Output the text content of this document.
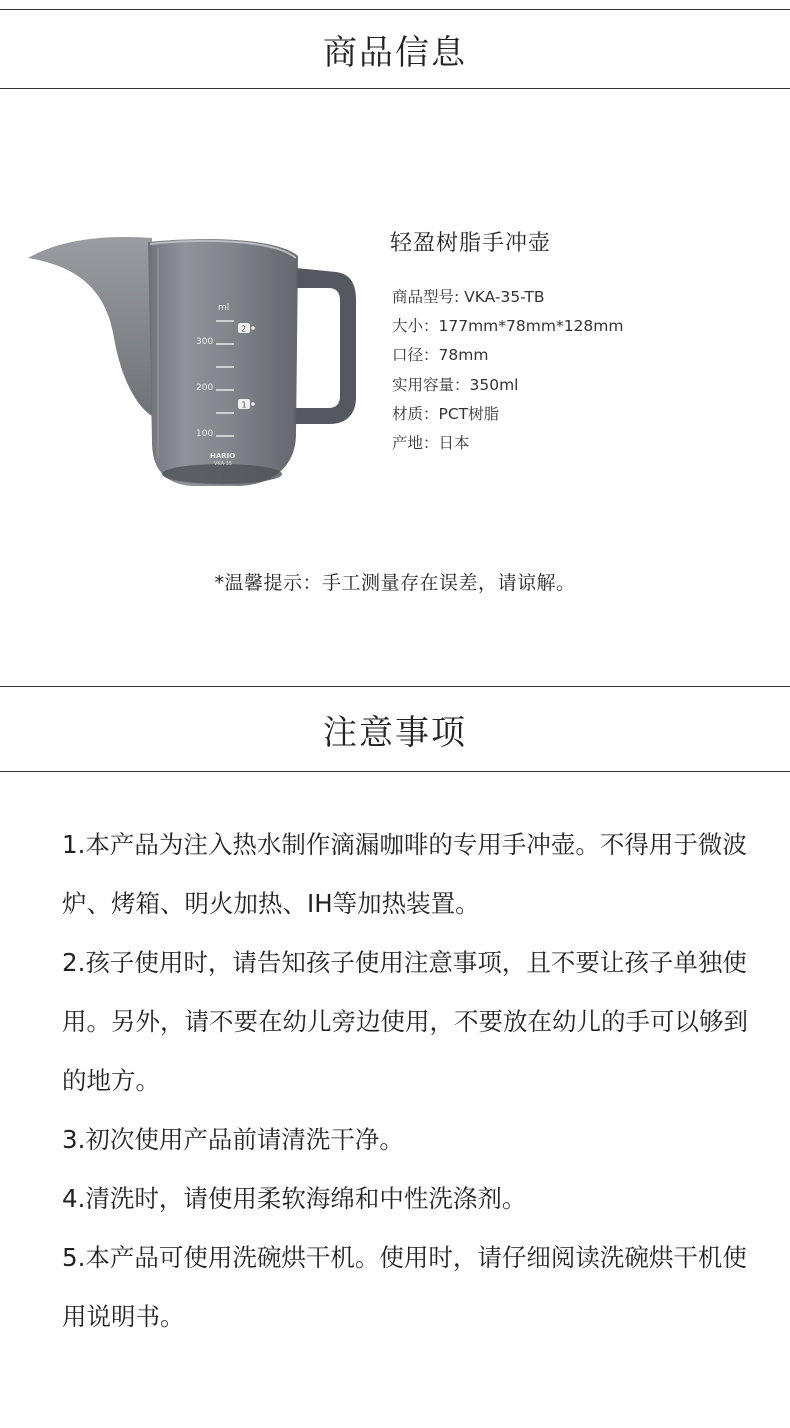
商品信息
ml
300
200
100
2
1
HARIO
VKA-35
轻盈树脂手冲壶
商品型号: VKA-35-TB
大小：177mm*78mm*128mm
口径：78mm
实用容量：350ml
材质：PCT树脂
产地：日本
*温馨提示：手工测量存在误差，请谅解。
注意事项

1.本产品为注入热水制作滴漏咖啡的专用手冲壶。不得用于微波炉、烤箱、明火加热、IH等加热装置。

2.孩子使用时，请告知孩子使用注意事项，且不要让孩子单独使用。另外，请不要在幼儿旁边使用，不要放在幼儿的手可以够到的地方。

3.初次使用产品前请清洗干净。

4.清洗时，请使用柔软海绵和中性洗涤剂。

5.本产品可使用洗碗烘干机。使用时，请仔细阅读洗碗烘干机使用说明书。
